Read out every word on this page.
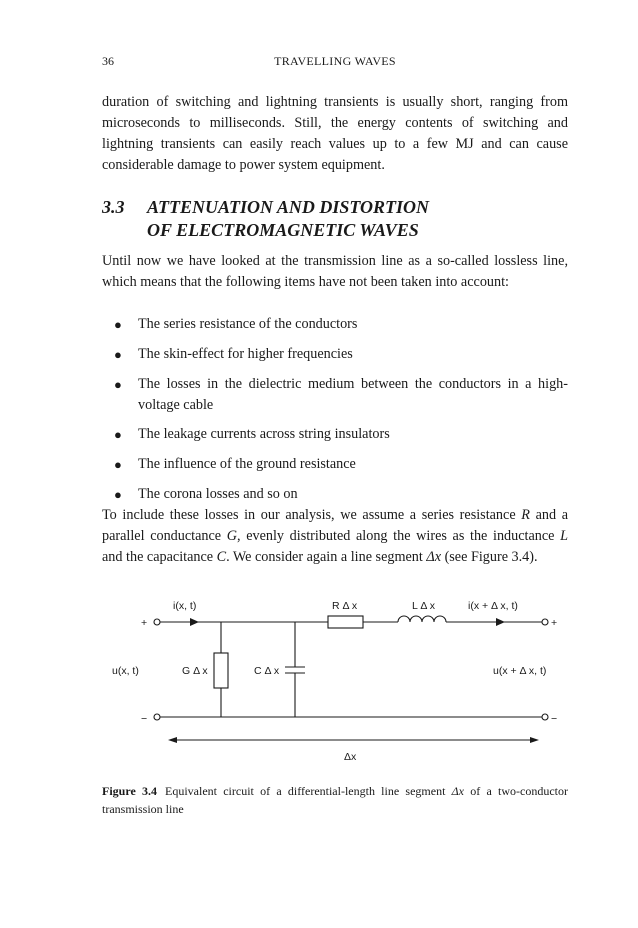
36	TRAVELLING WAVES

duration of switching and lightning transients is usually short, ranging from microseconds to milliseconds. Still, the energy contents of switching and lightning transients can easily reach values up to a few MJ and can cause considerable damage to power system equipment.

3.3 ATTENUATION AND DISTORTION
OF ELECTROMAGNETIC WAVES

Until now we have looked at the transmission line as a so-called lossless line, which means that the following items have not been taken into account:

● The series resistance of the conductors
● The skin-effect for higher frequencies
● The losses in the dielectric medium between the conductors in a high-voltage cable
● The leakage currents across string insulators
● The influence of the ground resistance
● The corona losses and so on

To include these losses in our analysis, we assume a series resistance R and a parallel conductance G, evenly distributed along the wires as the inductance L and the capacitance C. We consider again a line segment Δx (see Figure 3.4).

i(x, t)	R Δ x	L Δ x	i(x + Δ x, t)
+	+
−	−
u(x, t)	G Δ x	C Δ x	u(x + Δ x, t)
Δx

Figure 3.4 Equivalent circuit of a differential-length line segment Δx of a two-conductor transmission line
